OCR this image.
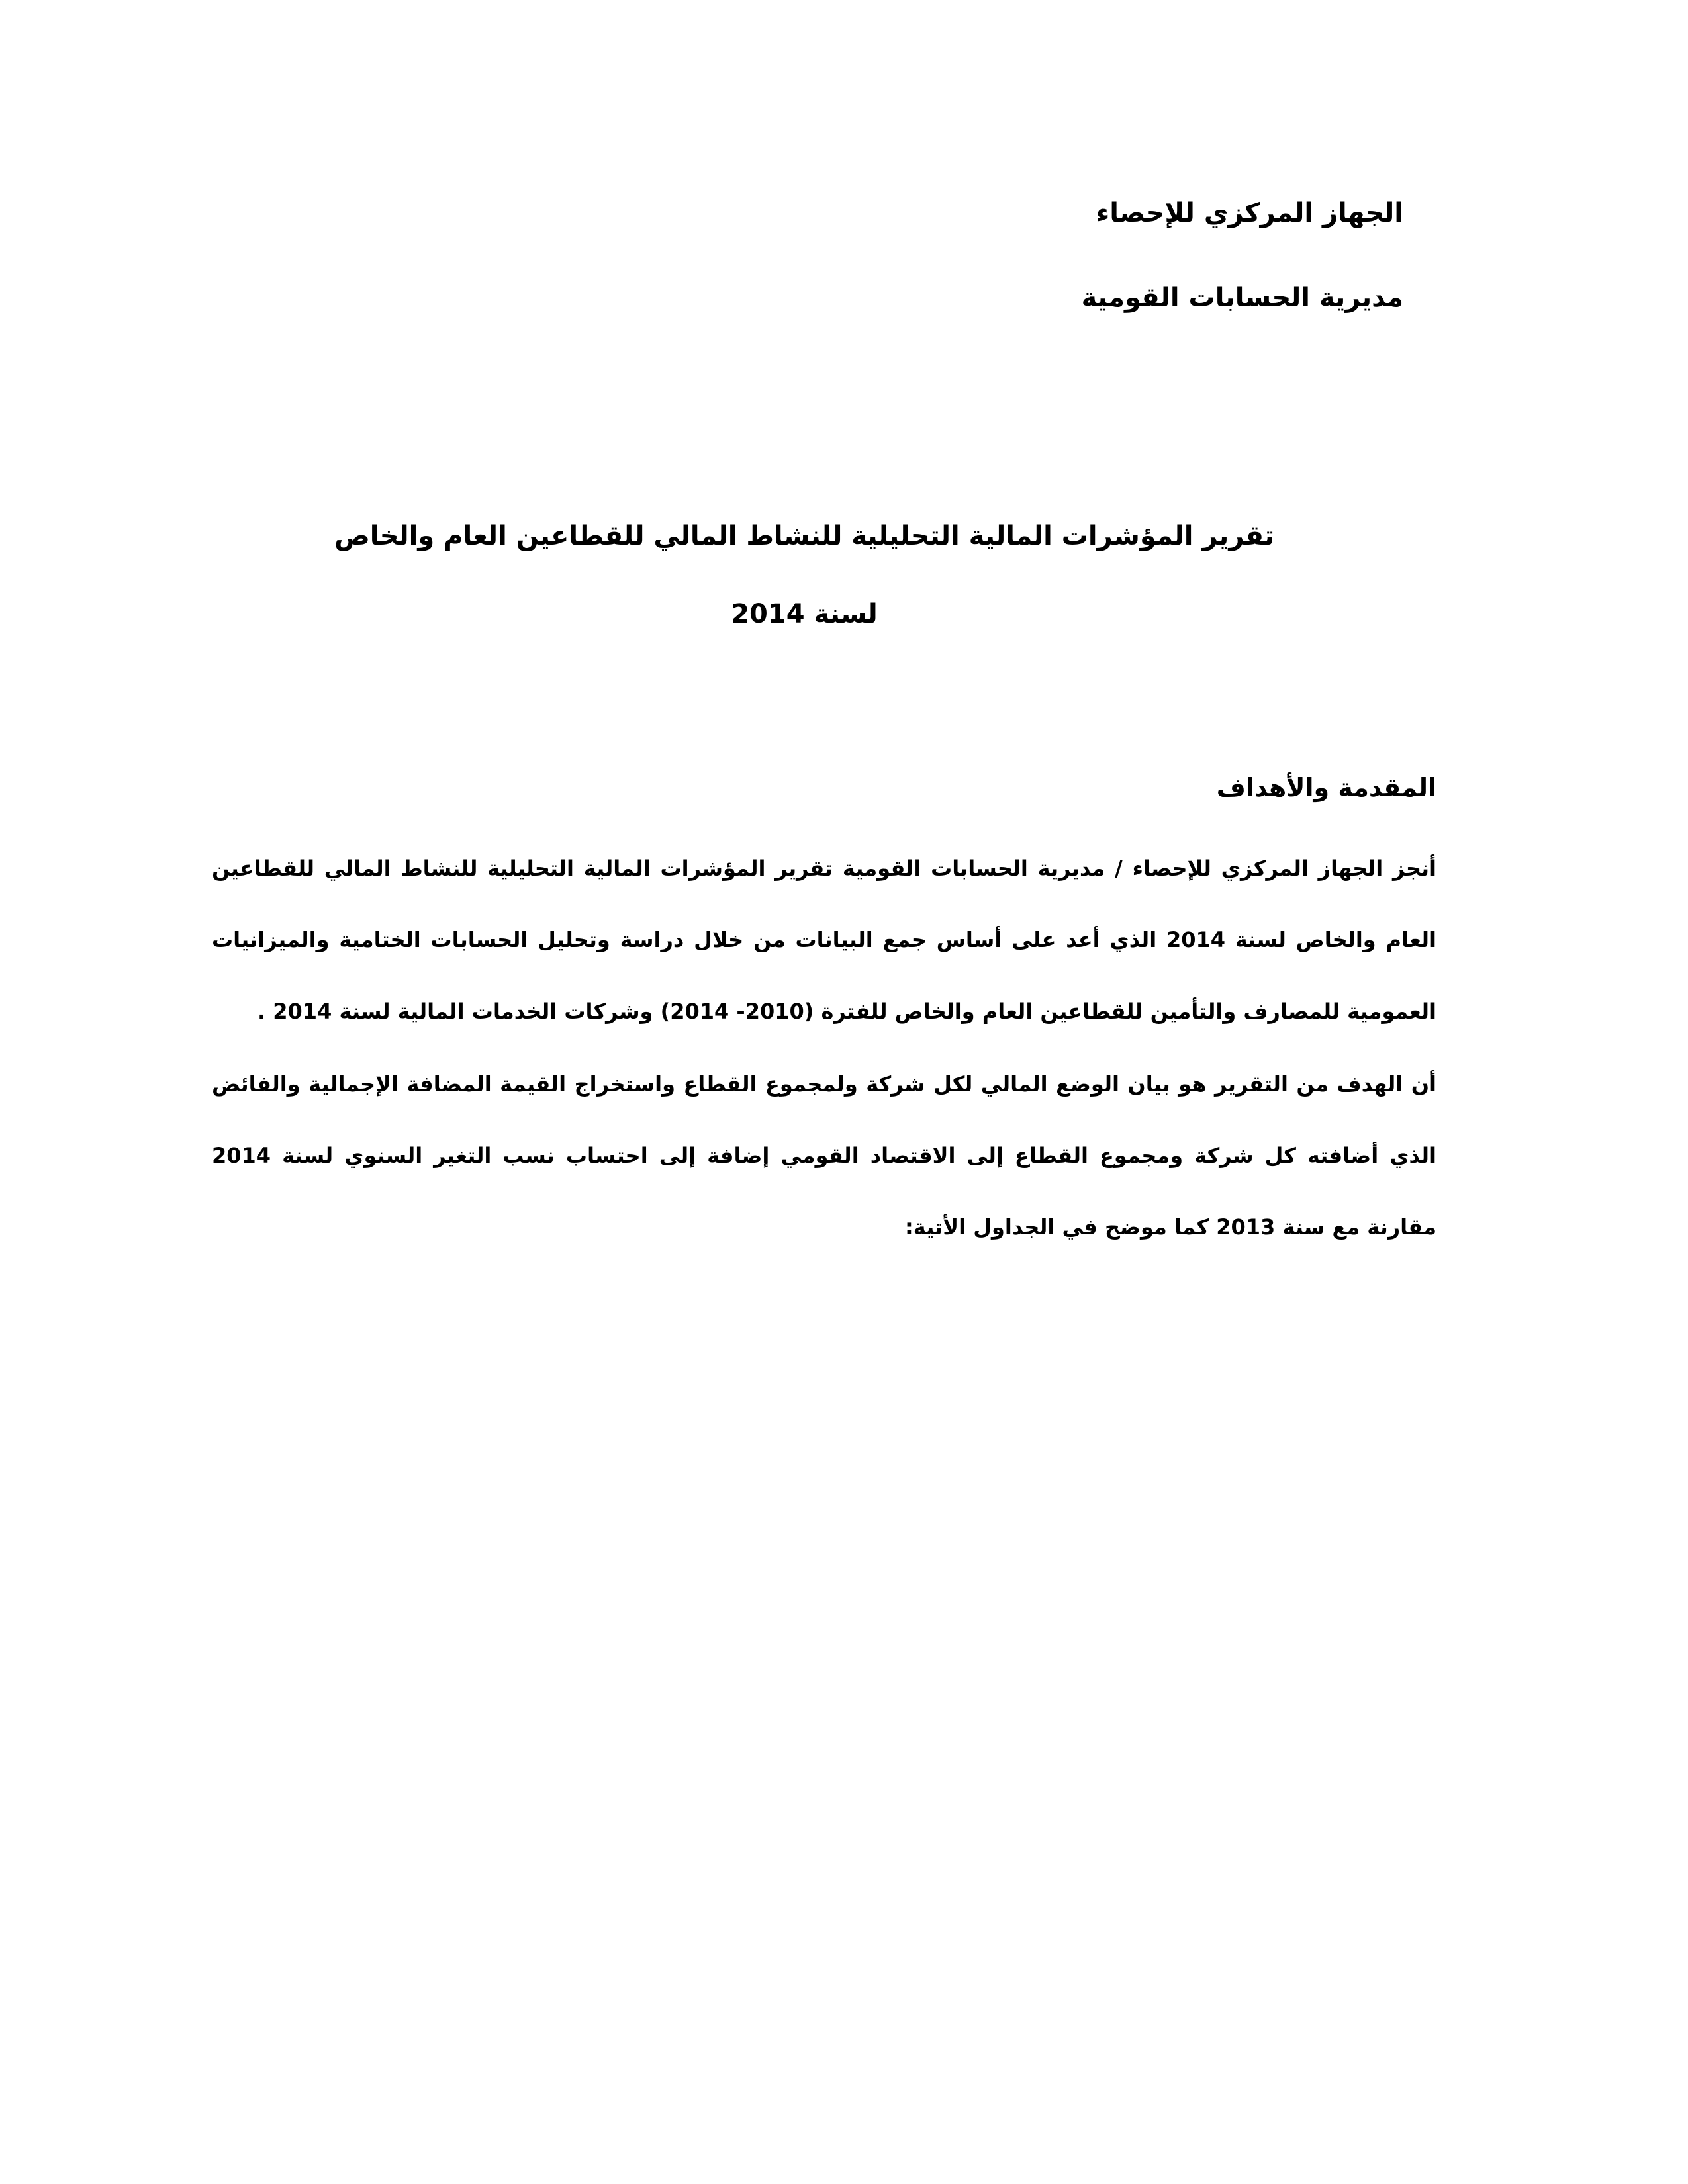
الجهاز المركزي للإحصاء
مديرية الحسابات القومية
تقرير المؤشرات المالية التحليلية للنشاط المالي للقطاعين العام والخاص
لسنة 2014
المقدمة والأهداف

أنجز الجهاز المركزي للإحصاء / مديرية الحسابات القومية تقرير المؤشرات المالية التحليلية للنشاط المالي للقطاعين العام والخاص لسنة 2014 الذي أعد على أساس جمع البيانات من خلال دراسة وتحليل الحسابات الختامية والميزانيات العمومية للمصارف والتأمين للقطاعين العام والخاص للفترة (2010- 2014) وشركات الخدمات المالية لسنة 2014 .

أن الهدف من التقرير هو بيان الوضع المالي لكل شركة ولمجموع القطاع واستخراج القيمة المضافة الإجمالية والفائض الذي أضافته كل شركة ومجموع القطاع إلى الاقتصاد القومي إضافة إلى احتساب نسب التغير السنوي لسنة 2014 مقارنة مع سنة 2013 كما موضح في الجداول الأتية:
